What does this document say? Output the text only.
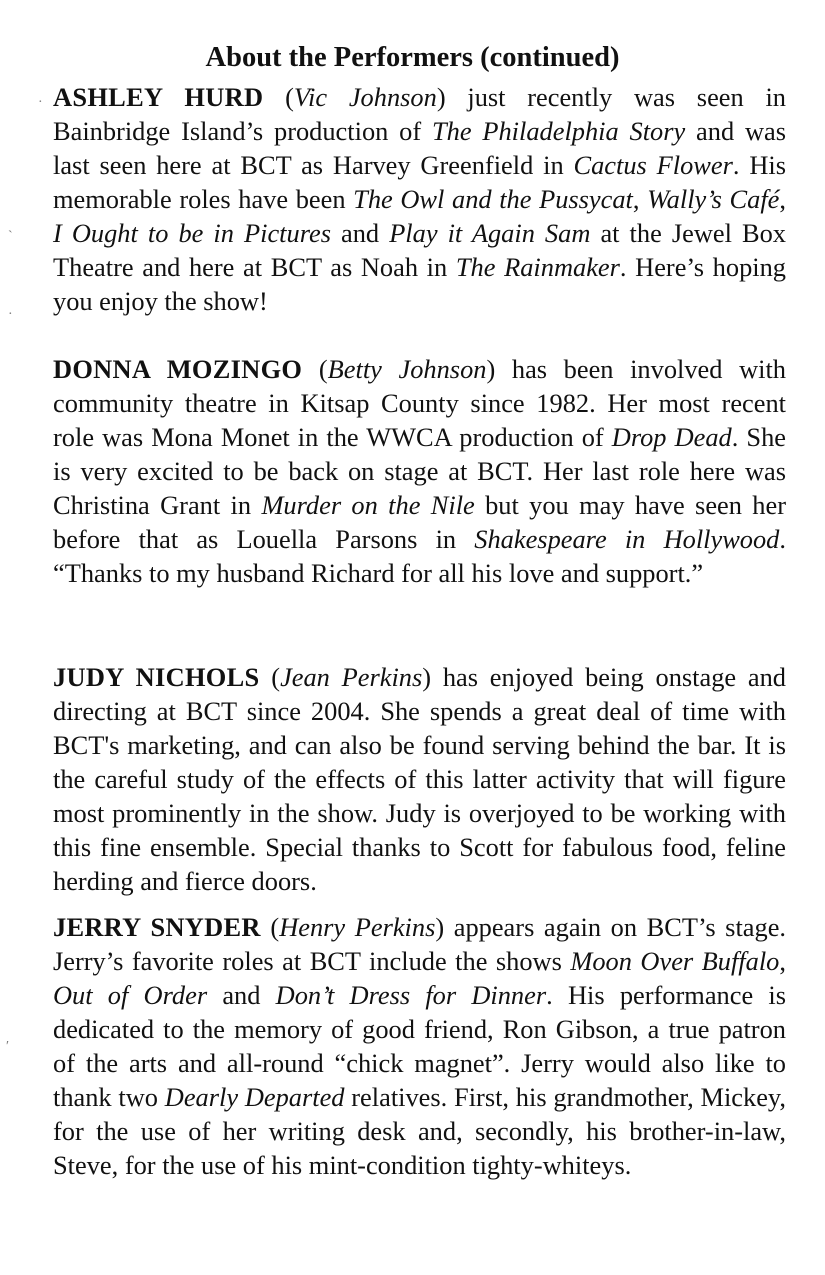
About the Performers (continued)

ASHLEY HURD (Vic Johnson) just recently was seen in Bainbridge Island’s production of The Philadelphia Story and was last seen here at BCT as Harvey Greenfield in Cactus Flower. His memorable roles have been The Owl and the Pussycat, Wally’s Café, I Ought to be in Pictures and Play it Again Sam at the Jewel Box Theatre and here at BCT as Noah in The Rainmaker. Here’s hoping you enjoy the show!

DONNA MOZINGO (Betty Johnson) has been involved with community theatre in Kitsap County since 1982. Her most recent role was Mona Monet in the WWCA production of Drop Dead. She is very excited to be back on stage at BCT. Her last role here was Christina Grant in Murder on the Nile but you may have seen her before that as Louella Parsons in Shakespeare in Hollywood. “Thanks to my husband Richard for all his love and support.”

JUDY NICHOLS (Jean Perkins) has enjoyed being onstage and directing at BCT since 2004. She spends a great deal of time with BCT's marketing, and can also be found serving behind the bar. It is the careful study of the effects of this latter activity that will figure most prominently in the show. Judy is overjoyed to be working with this fine ensemble. Special thanks to Scott for fabulous food, feline herding and fierce doors.

JERRY SNYDER (Henry Perkins) appears again on BCT’s stage. Jerry’s favorite roles at BCT include the shows Moon Over Buffalo, Out of Order and Don’t Dress for Dinner. His performance is dedicated to the memory of good friend, Ron Gibson, a true patron of the arts and all-round “chick magnet”. Jerry would also like to thank two Dearly Departed relatives. First, his grandmother, Mickey, for the use of her writing desk and, secondly, his brother-in-law, Steve, for the use of his mint-condition tighty-whiteys.

·
`
·
′
